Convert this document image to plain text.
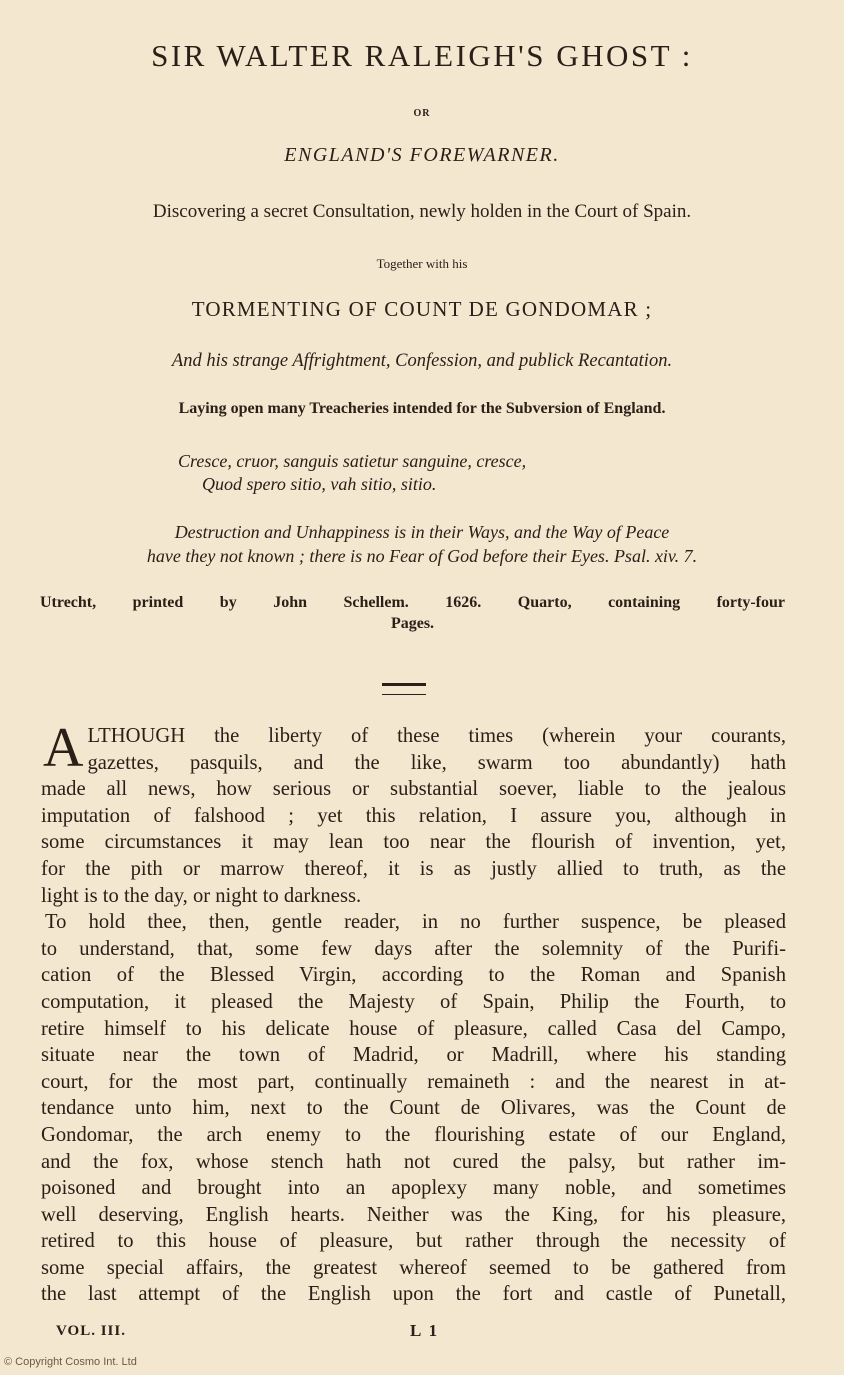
SIR WALTER RALEIGH'S GHOST :
OR
ENGLAND'S FOREWARNER.
Discovering a secret Consultation, newly holden in the Court of Spain.
Together with his
TORMENTING OF COUNT DE GONDOMAR ;
And his strange Affrightment, Confession, and publick Recantation.
Laying open many Treacheries intended for the Subversion of England.
Cresce, cruor, sanguis satietur sanguine, cresce,
Quod spero sitio, vah sitio, sitio.
Destruction and Unhappiness is in their Ways, and the Way of Peace
have they not known ; there is no Fear of God before their Eyes. Psal. xiv. 7.
Utrecht, printed by John Schellem. 1626. Quarto, containing forty-four
Pages.
A LTHOUGH the liberty of these times (wherein your courants,
gazettes, pasquils, and the like, swarm too abundantly) hath
made all news, how serious or substantial soever, liable to the jealous
imputation of falshood ; yet this relation, I assure you, although in
some circumstances it may lean too near the flourish of invention, yet,
for the pith or marrow thereof, it is as justly allied to truth, as the
light is to the day, or night to darkness.
To hold thee, then, gentle reader, in no further suspence, be pleased
to understand, that, some few days after the solemnity of the Purifi-
cation of the Blessed Virgin, according to the Roman and Spanish
computation, it pleased the Majesty of Spain, Philip the Fourth, to
retire himself to his delicate house of pleasure, called Casa del Campo,
situate near the town of Madrid, or Madrill, where his standing
court, for the most part, continually remaineth : and the nearest in at-
tendance unto him, next to the Count de Olivares, was the Count de
Gondomar, the arch enemy to the flourishing estate of our England,
and the fox, whose stench hath not cured the palsy, but rather im-
poisoned and brought into an apoplexy many noble, and sometimes
well deserving, English hearts. Neither was the King, for his pleasure,
retired to this house of pleasure, but rather through the necessity of
some special affairs, the greatest whereof seemed to be gathered from
the last attempt of the English upon the fort and castle of Punetall,
VOL. III.	L 1
© Copyright Cosmo Int. Ltd
